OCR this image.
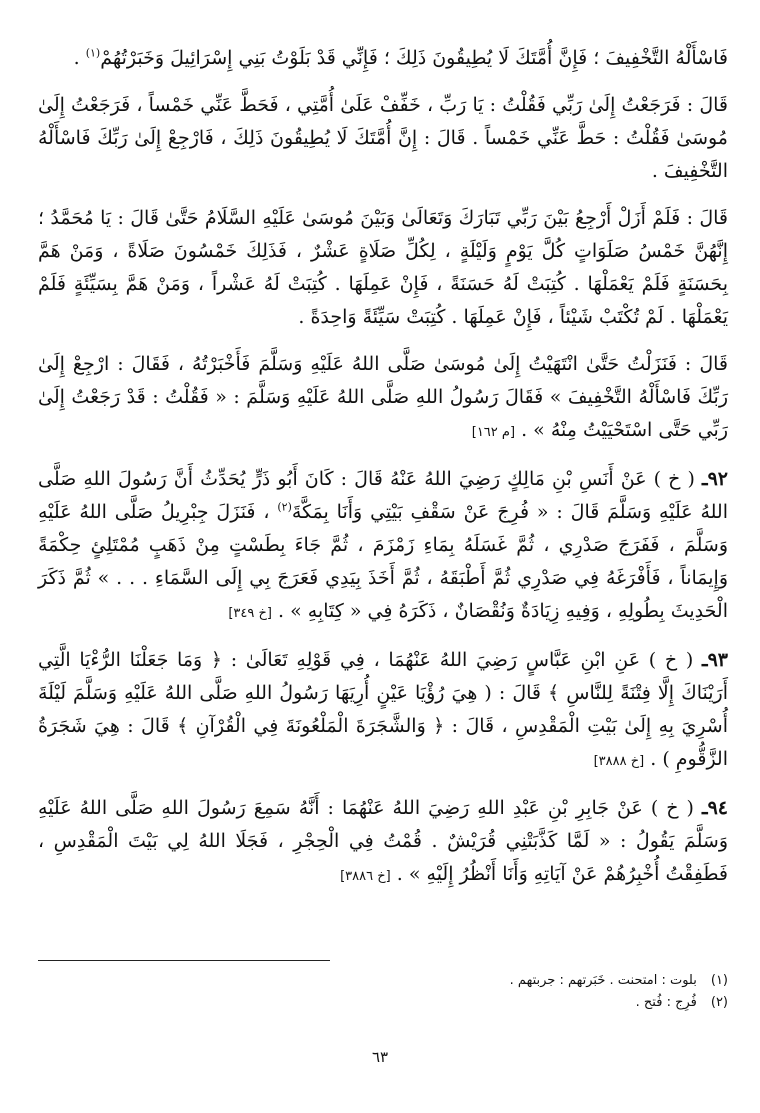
فَاسْأَلْهُ التَّخْفِيفَ ؛ فَإِنَّ أُمَّتَكَ لَا يُطِيقُونَ ذَلِكَ ؛ فَإِنِّي قَدْ بَلَوْتُ بَنِي إِسْرَائِيلَ وَخَبَرْتُهُمْ$^{(١)}$ .

قَالَ : فَرَجَعْتُ إِلَىٰ رَبِّي فَقُلْتُ : يَا رَبِّ ، خَفِّفْ عَلَىٰ أُمَّتِي ، فَحَطَّ عَنِّي خَمْساً ، فَرَجَعْتُ إِلَىٰ مُوسَىٰ فَقُلْتُ : حَطَّ عَنِّي خَمْساً . قَالَ : إِنَّ أُمَّتَكَ لَا يُطِيقُونَ ذَلِكَ ، فَارْجِعْ إِلَىٰ رَبِّكَ فَاسْأَلْهُ التَّخْفِيفَ .

قَالَ : فَلَمْ أَزَلْ أَرْجِعُ بَيْنَ رَبِّي تَبَارَكَ وَتَعَالَىٰ وَبَيْنَ مُوسَىٰ عَلَيْهِ السَّلَامُ حَتَّىٰ قَالَ : يَا مُحَمَّدُ ؛ إِنَّهُنَّ خَمْسُ صَلَوَاتٍ كُلَّ يَوْمٍ وَلَيْلَةٍ ، لِكُلِّ صَلَاةٍ عَشْرٌ ، فَذَلِكَ خَمْسُونَ صَلَاةً ، وَمَنْ هَمَّ بِحَسَنَةٍ فَلَمْ يَعْمَلْهَا . كُتِبَتْ لَهُ حَسَنَةً ، فَإِنْ عَمِلَهَا . كُتِبَتْ لَهُ عَشْراً ، وَمَنْ هَمَّ بِسَيِّئَةٍ فَلَمْ يَعْمَلْهَا . لَمْ تُكْتَبْ شَيْئاً ، فَإِنْ عَمِلَهَا . كُتِبَتْ سَيِّئَةً وَاحِدَةً .

قَالَ : فَنَزَلْتُ حَتَّىٰ انْتَهَيْتُ إِلَىٰ مُوسَىٰ صَلَّى اللهُ عَلَيْهِ وَسَلَّمَ فَأَخْبَرْتُهُ ، فَقَالَ : ارْجِعْ إِلَىٰ رَبِّكَ فَاسْأَلْهُ التَّخْفِيفَ » فَقَالَ رَسُولُ اللهِ صَلَّى اللهُ عَلَيْهِ وَسَلَّمَ : « فَقُلْتُ : قَدْ رَجَعْتُ إِلَىٰ رَبِّي حَتَّى اسْتَحْيَيْتُ مِنْهُ » . [م ١٦٢]

٩٢ـ ( خ ) عَنْ أَنَسِ بْنِ مَالِكٍ رَضِيَ اللهُ عَنْهُ قَالَ : كَانَ أَبُو ذَرٍّ يُحَدِّثُ أَنَّ رَسُولَ اللهِ صَلَّى اللهُ عَلَيْهِ وَسَلَّمَ قَالَ : « فُرِجَ عَنْ سَقْفِ بَيْتِي وَأَنَا بِمَكَّةَ$^{(٢)}$ ، فَنَزَلَ جِبْرِيلُ صَلَّى اللهُ عَلَيْهِ وَسَلَّمَ ، فَفَرَجَ صَدْرِي ، ثُمَّ غَسَلَهُ بِمَاءِ زَمْزَمَ ، ثُمَّ جَاءَ بِطَسْتٍ مِنْ ذَهَبٍ مُمْتَلِئٍ حِكْمَةً وَإِيمَاناً ، فَأَفْرَغَهُ فِي صَدْرِي ثُمَّ أَطْبَقَهُ ، ثُمَّ أَخَذَ بِيَدِي فَعَرَجَ بِي إِلَى السَّمَاءِ . . . » ثُمَّ ذَكَرَ الْحَدِيثَ بِطُولِهِ ، وَفِيهِ زِيَادَةٌ وَنُقْصَانٌ ، ذَكَرَهُ فِي « كِتَابِهِ » . [خ ٣٤٩]

٩٣ـ ( خ ) عَنِ ابْنِ عَبَّاسٍ رَضِيَ اللهُ عَنْهُمَا ، فِي قَوْلِهِ تَعَالَىٰ : ﴿ وَمَا جَعَلْنَا الرُّءْيَا الَّتِي أَرَيْنَاكَ إِلَّا فِتْنَةً لِلنَّاسِ ﴾ قَالَ : ( هِيَ رُؤْيَا عَيْنٍ أُرِيَهَا رَسُولُ اللهِ صَلَّى اللهُ عَلَيْهِ وَسَلَّمَ لَيْلَةَ أُسْرِيَ بِهِ إِلَىٰ بَيْتِ الْمَقْدِسِ ، قَالَ : ﴿ وَالشَّجَرَةَ الْمَلْعُونَةَ فِي الْقُرْآنِ ﴾ قَالَ : هِيَ شَجَرَةُ الزَّقُّومِ ) . [خ ٣٨٨٨]

٩٤ـ ( خ ) عَنْ جَابِرِ بْنِ عَبْدِ اللهِ رَضِيَ اللهُ عَنْهُمَا : أَنَّهُ سَمِعَ رَسُولَ اللهِ صَلَّى اللهُ عَلَيْهِ وَسَلَّمَ يَقُولُ : « لَمَّا كَذَّبَتْنِي قُرَيْشٌ . قُمْتُ فِي الْحِجْرِ ، فَجَلَا اللهُ لِي بَيْتَ الْمَقْدِسِ ، فَطَفِقْتُ أُخْبِرُهُمْ عَنْ آيَاتِهِ وَأَنَا أَنْظُرُ إِلَيْهِ » . [خ ٣٨٨٦]

(١)
بلوت : امتحنت . خَبَرتهم : جربتهم .
(٢)
فُرِج : فُتح .
٦٣
